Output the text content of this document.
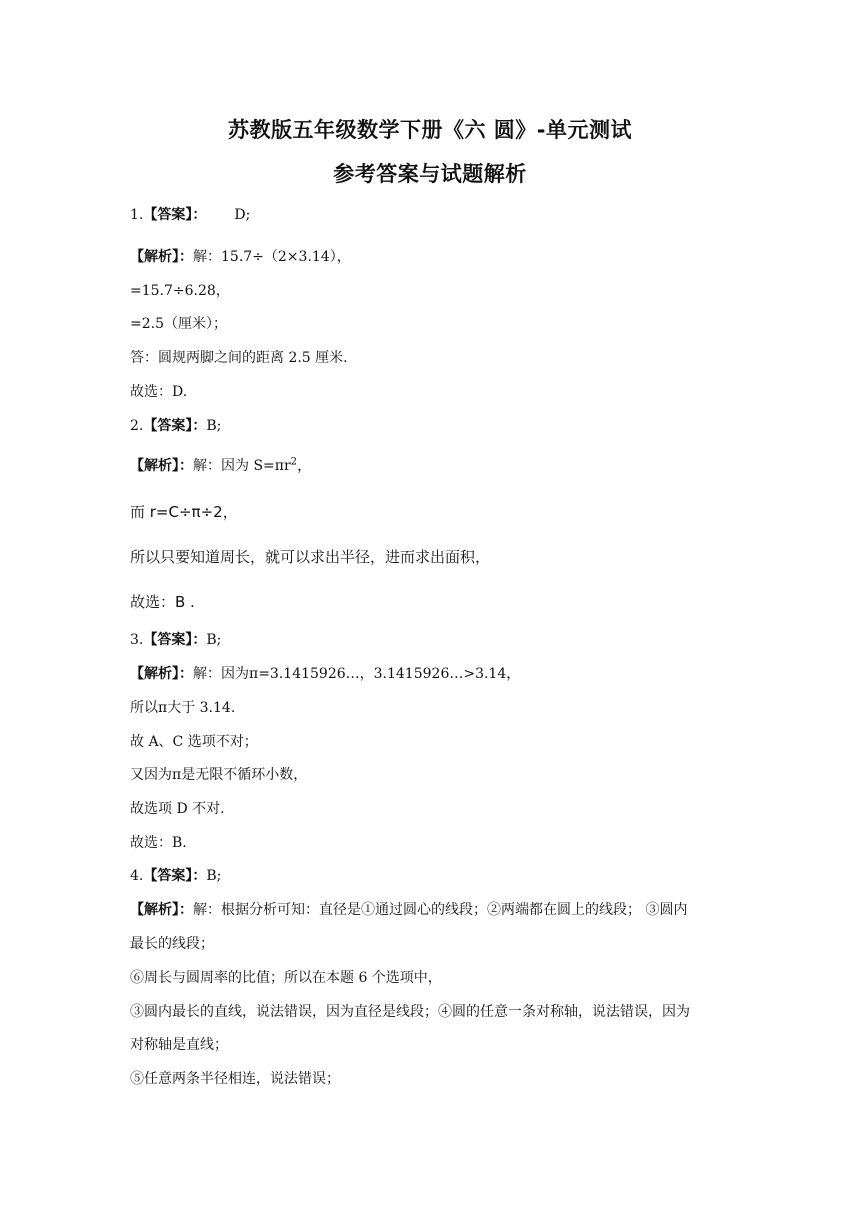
苏教版五年级数学下册《六 圆》-单元测试
参考答案与试题解析
1.【答案】： D;
【解析】：解：15.7÷（2×3.14），
=15.7÷6.28，
=2.5（厘米）；
答：圆规两脚之间的距离 2.5 厘米.
故选：D.
2.【答案】：B;
【解析】：解：因为 $S=\pi r^2$，
而 r=C÷π÷2，
所以只要知道周长，就可以求出半径，进而求出面积，
故选：B .
3.【答案】：B;
【解析】：解：因为π=3.1415926…，3.1415926…>3.14，
所以π大于 3.14.
故 A、C 选项不对；
又因为π是无限不循环小数，
故选项 D 不对.
故选：B.
4.【答案】：B;
【解析】：解：根据分析可知：直径是①通过圆心的线段；②两端都在圆上的线段； ③圆内
最长的线段；
⑥周长与圆周率的比值；所以在本题 6 个选项中，
③圆内最长的直线，说法错误，因为直径是线段；④圆的任意一条对称轴，说法错误，因为
对称轴是直线；
⑤任意两条半径相连，说法错误；
